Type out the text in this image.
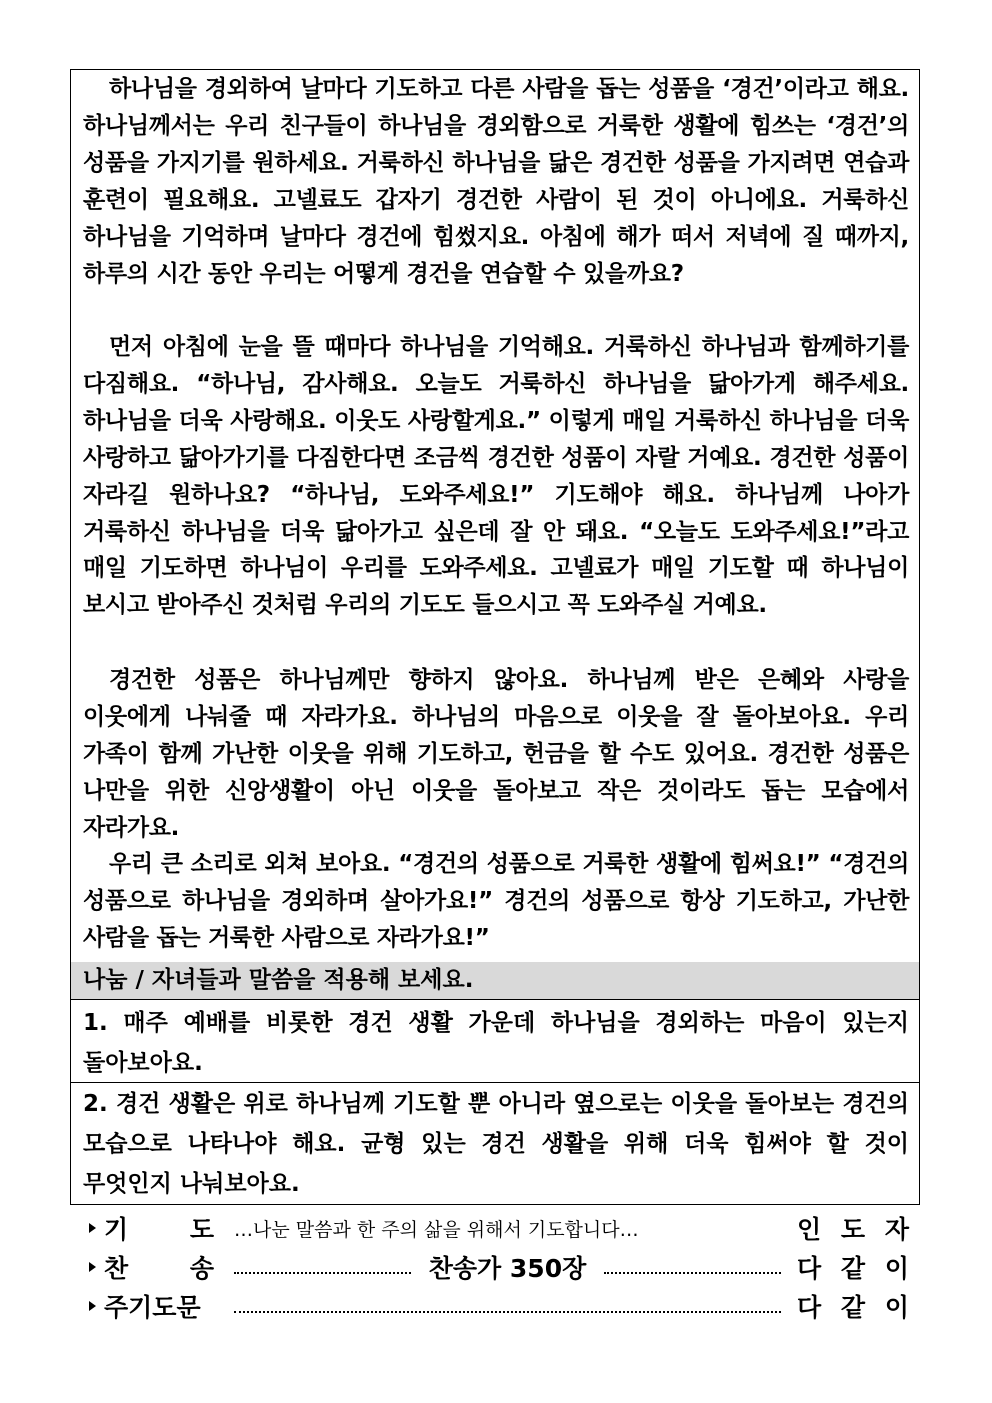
하나님을 경외하여 날마다 기도하고 다른 사람을 돕는 성품을 ‘경건’이라고 해요. 하나님께서는 우리 친구들이 하나님을 경외함으로 거룩한 생활에 힘쓰는 ‘경건’의 성품을 가지기를 원하세요. 거룩하신 하나님을 닮은 경건한 성품을 가지려면 연습과 훈련이 필요해요. 고넬료도 갑자기 경건한 사람이 된 것이 아니에요. 거룩하신 하나님을 기억하며 날마다 경건에 힘썼지요. 아침에 해가 떠서 저녁에 질 때까지, 하루의 시간 동안 우리는 어떻게 경건을 연습할 수 있을까요?

먼저 아침에 눈을 뜰 때마다 하나님을 기억해요. 거룩하신 하나님과 함께하기를 다짐해요. “하나님, 감사해요. 오늘도 거룩하신 하나님을 닮아가게 해주세요. 하나님을 더욱 사랑해요. 이웃도 사랑할게요.” 이렇게 매일 거룩하신 하나님을 더욱 사랑하고 닮아가기를 다짐한다면 조금씩 경건한 성품이 자랄 거예요. 경건한 성품이 자라길 원하나요? “하나님, 도와주세요!” 기도해야 해요. 하나님께 나아가 거룩하신 하나님을 더욱 닮아가고 싶은데 잘 안 돼요. “오늘도 도와주세요!”라고 매일 기도하면 하나님이 우리를 도와주세요. 고넬료가 매일 기도할 때 하나님이 보시고 받아주신 것처럼 우리의 기도도 들으시고 꼭 도와주실 거예요.

경건한 성품은 하나님께만 향하지 않아요. 하나님께 받은 은혜와 사랑을 이웃에게 나눠줄 때 자라가요. 하나님의 마음으로 이웃을 잘 돌아보아요. 우리 가족이 함께 가난한 이웃을 위해 기도하고, 헌금을 할 수도 있어요. 경건한 성품은 나만을 위한 신앙생활이 아닌 이웃을 돌아보고 작은 것이라도 돕는 모습에서 자라가요.

우리 큰 소리로 외쳐 보아요. “경건의 성품으로 거룩한 생활에 힘써요!” “경건의 성품으로 하나님을 경외하며 살아가요!” 경건의 성품으로 항상 기도하고, 가난한 사람을 돕는 거룩한 사람으로 자라가요!”

나눔 / 자녀들과 말씀을 적용해 보세요.

1. 매주 예배를 비롯한 경건 생활 가운데 하나님을 경외하는 마음이 있는지 돌아보아요.

2. 경건 생활은 위로 하나님께 기도할 뿐 아니라 옆으로는 이웃을 돌아보는 경건의 모습으로 나타나야 해요. 균형 있는 경건 생활을 위해 더욱 힘써야 할 것이 무엇인지 나눠보아요.

기 도 …나눈 말씀과 한 주의 삶을 위해서 기도합니다…	인 도 자
찬 송	찬송가 350장	다 같 이
주기도문	다 같 이
